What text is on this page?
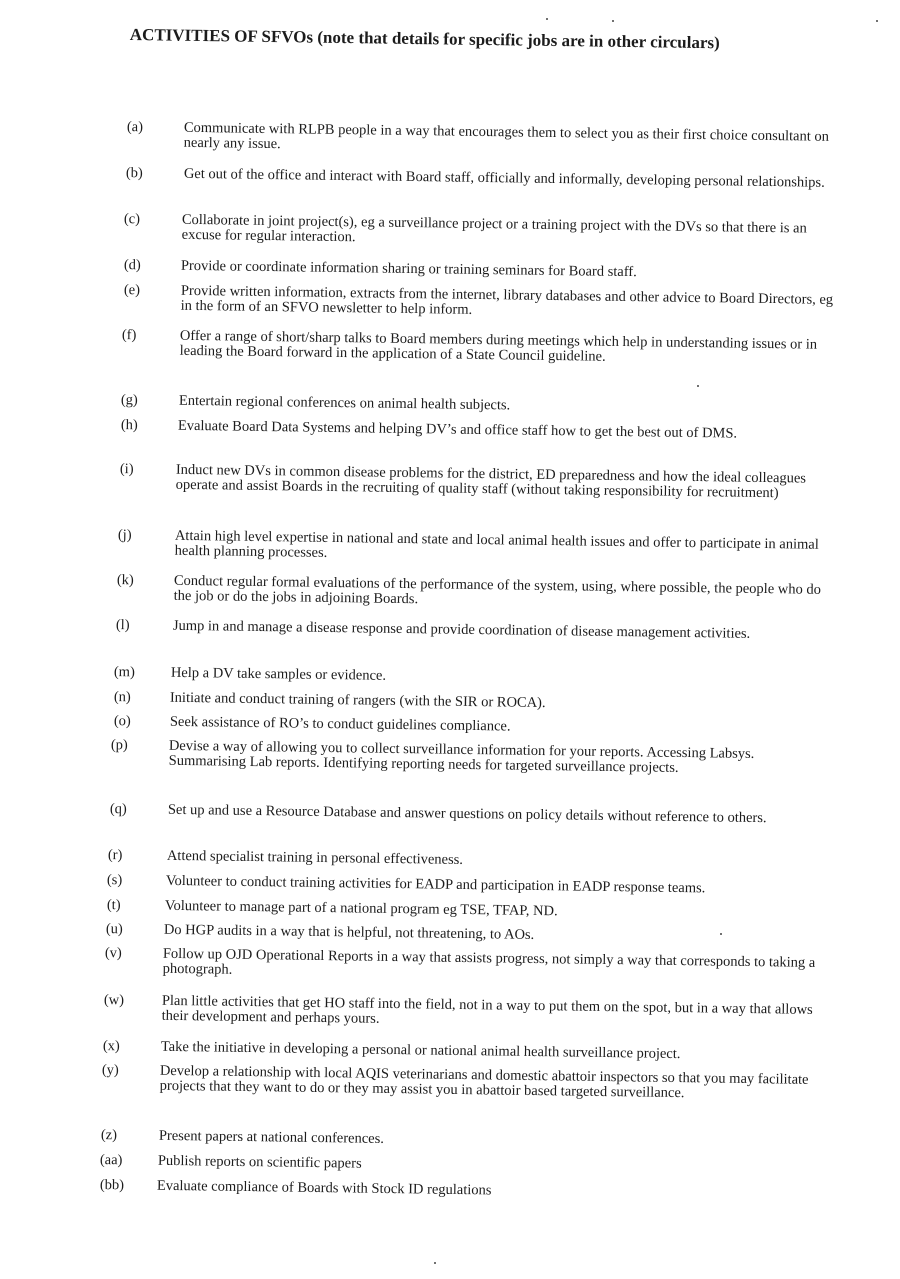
ACTIVITIES OF SFVOs (note that details for specific jobs are in other circulars)
(a)	Communicate with RLPB people in a way that encourages them to select you as their first choice consultant on nearly any issue.
(b)	Get out of the office and interact with Board staff, officially and informally, developing personal relationships.
(c)	Collaborate in joint project(s), eg a surveillance project or a training project with the DVs so that there is an excuse for regular interaction.
(d)	Provide or coordinate information sharing or training seminars for Board staff.
(e)	Provide written information, extracts from the internet, library databases and other advice to Board Directors, eg in the form of an SFVO newsletter to help inform.
(f)	Offer a range of short/sharp talks to Board members during meetings which help in understanding issues or in leading the Board forward in the application of a State Council guideline.
(g)	Entertain regional conferences on animal health subjects.
(h)	Evaluate Board Data Systems and helping DV’s and office staff how to get the best out of DMS.
(i)	Induct new DVs in common disease problems for the district, ED preparedness and how the ideal colleagues operate and assist Boards in the recruiting of quality staff (without taking responsibility for recruitment)
(j)	Attain high level expertise in national and state and local animal health issues and offer to participate in animal health planning processes.
(k)	Conduct regular formal evaluations of the performance of the system, using, where possible, the people who do the job or do the jobs in adjoining Boards.
(l)	Jump in and manage a disease response and provide coordination of disease management activities.
(m)	Help a DV take samples or evidence.
(n)	Initiate and conduct training of rangers (with the SIR or ROCA).
(o)	Seek assistance of RO’s to conduct guidelines compliance.
(p)	Devise a way of allowing you to collect surveillance information for your reports. Accessing Labsys. Summarising Lab reports. Identifying reporting needs for targeted surveillance projects.
(q)	Set up and use a Resource Database and answer questions on policy details without reference to others.
(r)	Attend specialist training in personal effectiveness.
(s)	Volunteer to conduct training activities for EADP and participation in EADP response teams.
(t)	Volunteer to manage part of a national program eg TSE, TFAP, ND.
(u)	Do HGP audits in a way that is helpful, not threatening, to AOs.
(v)	Follow up OJD Operational Reports in a way that assists progress, not simply a way that corresponds to taking a photograph.
(w)	Plan little activities that get HO staff into the field, not in a way to put them on the spot, but in a way that allows their development and perhaps yours.
(x)	Take the initiative in developing a personal or national animal health surveillance project.
(y)	Develop a relationship with local AQIS veterinarians and domestic abattoir inspectors so that you may facilitate projects that they want to do or they may assist you in abattoir based targeted surveillance.
(z)	Present papers at national conferences.
(aa)	Publish reports on scientific papers
(bb)	Evaluate compliance of Boards with Stock ID regulations
